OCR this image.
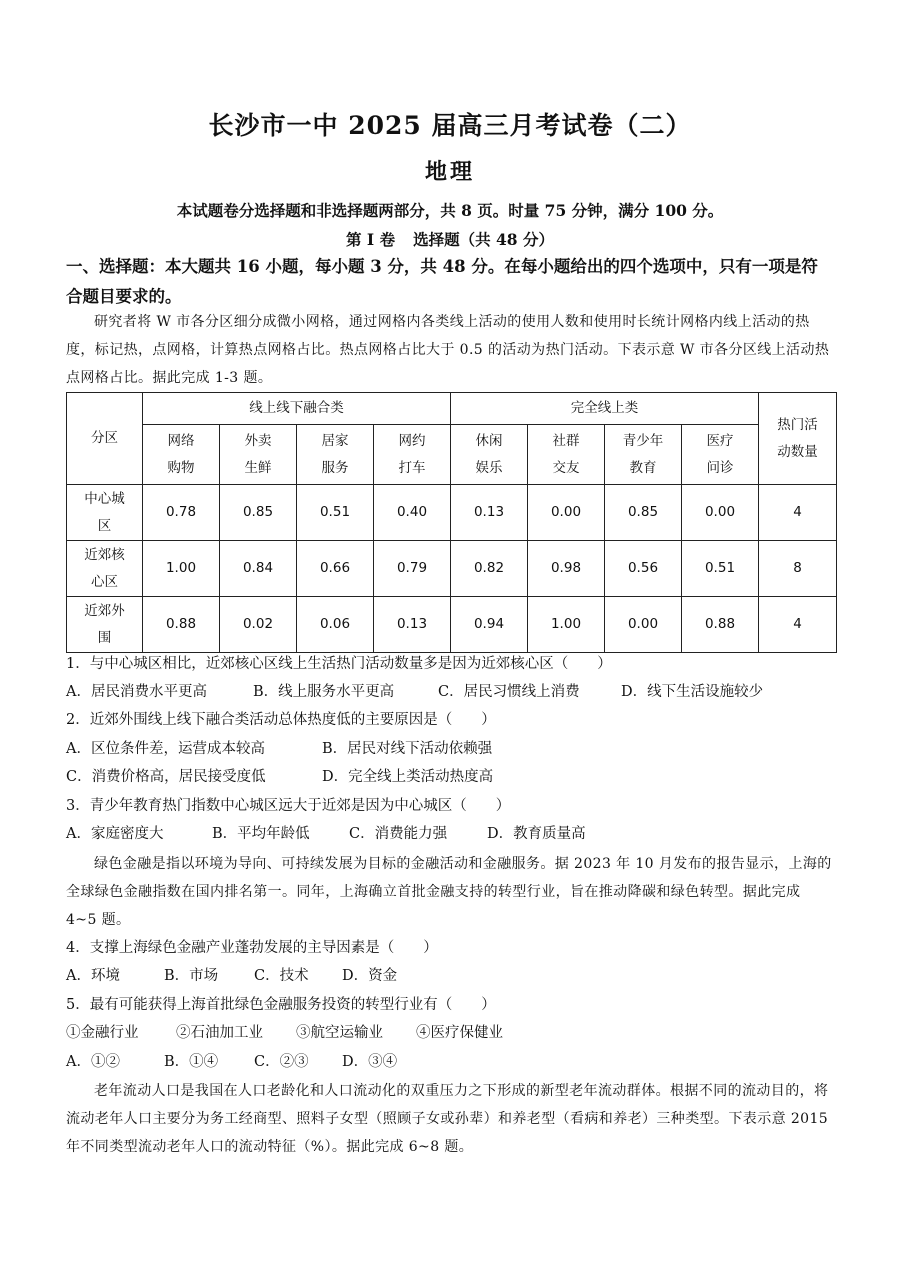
长沙市一中 2025 届高三月考试卷（二）
地理
本试题卷分选择题和非选择题两部分，共 8 页。时量 75 分钟，满分 100 分。
第 I 卷 选择题（共 48 分）
一、选择题：本大题共 16 小题，每小题 3 分，共 48 分。在每小题给出的四个选项中，只有一项是符合题目要求的。
研究者将 W 市各分区细分成微小网格，通过网格内各类线上活动的使用人数和使用时长统计网格内线上活动的热度，标记热，点网格，计算热点网格占比。热点网格占比大于 0.5 的活动为热门活动。下表示意 W 市各分区线上活动热点网格占比。据此完成 1-3 题。
分区	线上线下融合类				完全线上类				热门活动数量

	网络购物	外卖生鲜	居家服务	网约打车	休闲娱乐	社群交友	青少年教育	医疗问诊	

中心城区	0.78	0.85	0.51	0.40	0.13	0.00	0.85	0.00	4

近郊核心区	1.00	0.84	0.66	0.79	0.82	0.98	0.56	0.51	8

近郊外围	0.88	0.02	0.06	0.13	0.94	1.00	0.00	0.88	4
1．与中心城区相比，近郊核心区线上生活热门活动数量多是因为近郊核心区（　　）
A．居民消费水平更高	B．线上服务水平更高	C．居民习惯线上消费	D．线下生活设施较少
2．近郊外围线上线下融合类活动总体热度低的主要原因是（　　）
A．区位条件差，运营成本较高	B．居民对线下活动依赖强
C．消费价格高，居民接受度低	D．完全线上类活动热度高
3．青少年教育热门指数中心城区远大于近郊是因为中心城区（　　）
A．家庭密度大	B．平均年龄低	C．消费能力强	D．教育质量高
绿色金融是指以环境为导向、可持续发展为目标的金融活动和金融服务。据 2023 年 10 月发布的报告显示，上海的全球绿色金融指数在国内排名第一。同年，上海确立首批金融支持的转型行业，旨在推动降碳和绿色转型。据此完成 4~5 题。
4．支撑上海绿色金融产业蓬勃发展的主导因素是（　　）
A．环境	B．市场 C．技术 D．资金
5．最有可能获得上海首批绿色金融服务投资的转型行业有（　　）
①金融行业	②石油加工业 ③航空运输业 ④医疗保健业
A．①②	B．①④ C．②③ D．③④
老年流动人口是我国在人口老龄化和人口流动化的双重压力之下形成的新型老年流动群体。根据不同的流动目的，将流动老年人口主要分为务工经商型、照料子女型（照顾子女或孙辈）和养老型（看病和养老）三种类型。下表示意 2015 年不同类型流动老年人口的流动特征（%）。据此完成 6~8 题。
